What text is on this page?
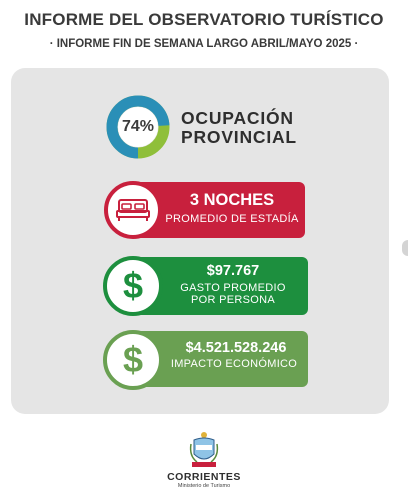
INFORME DEL OBSERVATORIO TURÍSTICO
· INFORME FIN DE SEMANA LARGO ABRIL/MAYO 2025 ·
74%	OCUPACIÓN
PROVINCIAL
3 NOCHES
PROMEDIO DE ESTADÍA
$	$97.767
GASTO PROMEDIO
POR PERSONA
$	$4.521.528.246
IMPACTO ECONÓMICO
CORRIENTES
Ministerio de Turismo
